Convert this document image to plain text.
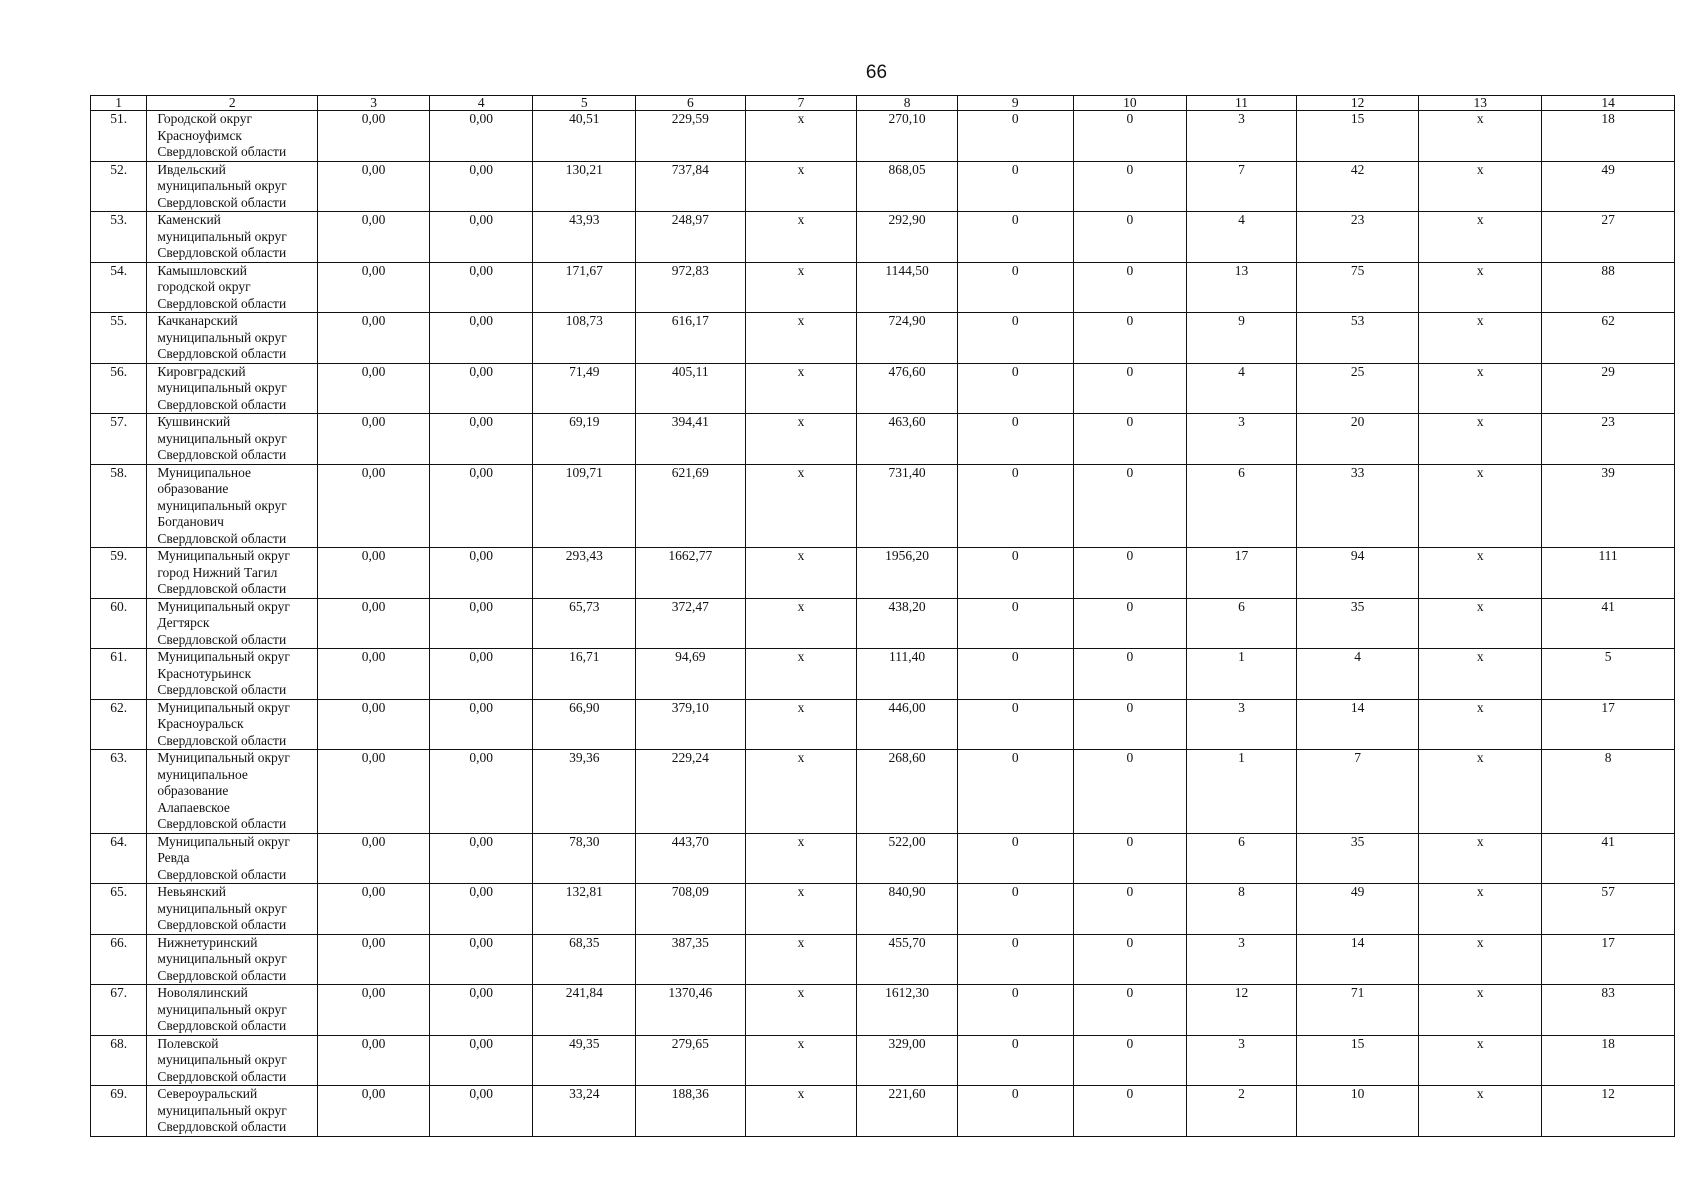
66
1	2	3	4	5	6	7	8	9	10	11	12	13	14
51.	Городской округ
Красноуфимск
Свердловской области	0,00	0,00	40,51	229,59	x	270,10	0	0	3	15	x	18
52.	Ивдельский
муниципальный округ
Свердловской области	0,00	0,00	130,21	737,84	x	868,05	0	0	7	42	x	49
53.	Каменский
муниципальный округ
Свердловской области	0,00	0,00	43,93	248,97	x	292,90	0	0	4	23	x	27
54.	Камышловский
городской округ
Свердловской области	0,00	0,00	171,67	972,83	x	1144,50	0	0	13	75	x	88
55.	Качканарский
муниципальный округ
Свердловской области	0,00	0,00	108,73	616,17	x	724,90	0	0	9	53	x	62
56.	Кировградский
муниципальный округ
Свердловской области	0,00	0,00	71,49	405,11	x	476,60	0	0	4	25	x	29
57.	Кушвинский
муниципальный округ
Свердловской области	0,00	0,00	69,19	394,41	x	463,60	0	0	3	20	x	23
58.	Муниципальное
образование
муниципальный округ
Богданович
Свердловской области	0,00	0,00	109,71	621,69	x	731,40	0	0	6	33	x	39
59.	Муниципальный округ
город Нижний Тагил
Свердловской области	0,00	0,00	293,43	1662,77	x	1956,20	0	0	17	94	x	111
60.	Муниципальный округ
Дегтярск
Свердловской области	0,00	0,00	65,73	372,47	x	438,20	0	0	6	35	x	41
61.	Муниципальный округ
Краснотурьинск
Свердловской области	0,00	0,00	16,71	94,69	x	111,40	0	0	1	4	x	5
62.	Муниципальный округ
Красноуральск
Свердловской области	0,00	0,00	66,90	379,10	x	446,00	0	0	3	14	x	17
63.	Муниципальный округ
муниципальное
образование
Алапаевское
Свердловской области	0,00	0,00	39,36	229,24	x	268,60	0	0	1	7	x	8
64.	Муниципальный округ
Ревда
Свердловской области	0,00	0,00	78,30	443,70	x	522,00	0	0	6	35	x	41
65.	Невьянский
муниципальный округ
Свердловской области	0,00	0,00	132,81	708,09	x	840,90	0	0	8	49	x	57
66.	Нижнетуринский
муниципальный округ
Свердловской области	0,00	0,00	68,35	387,35	x	455,70	0	0	3	14	x	17
67.	Новолялинский
муниципальный округ
Свердловской области	0,00	0,00	241,84	1370,46	x	1612,30	0	0	12	71	x	83
68.	Полевской
муниципальный округ
Свердловской области	0,00	0,00	49,35	279,65	x	329,00	0	0	3	15	x	18
69.	Североуральский
муниципальный округ
Свердловской области	0,00	0,00	33,24	188,36	x	221,60	0	0	2	10	x	12
